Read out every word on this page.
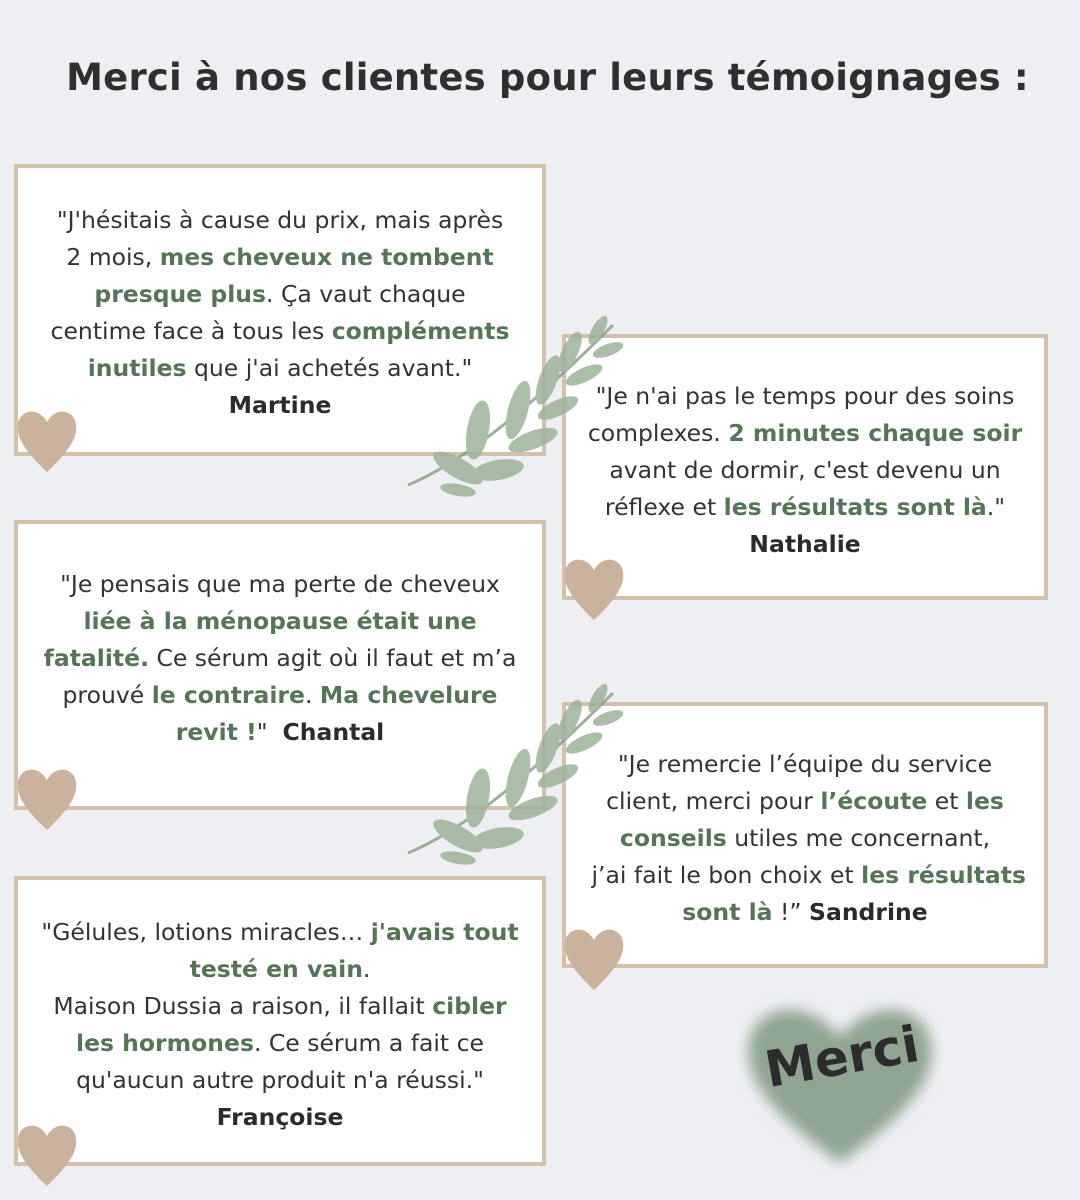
Merci à nos clientes pour leurs témoignages :
"J'hésitais à cause du prix, mais après
2 mois, mes cheveux ne tombent
presque plus. Ça vaut chaque
centime face à tous les compléments
inutiles que j'ai achetés avant."
Martine	"Je n'ai pas le temps pour des soins
complexes. 2 minutes chaque soir
avant de dormir, c'est devenu un
réflexe et les résultats sont là."
Nathalie
"Je pensais que ma perte de cheveux
liée à la ménopause était une
fatalité. Ce sérum agit où il faut et m’a
prouvé le contraire. Ma chevelure
revit !"  Chantal
"Je remercie l’équipe du service
client, merci pour l’écoute et les
conseils utiles me concernant,
j’ai fait le bon choix et les résultats
sont là !” Sandrine
"Gélules, lotions miracles… j'avais tout
testé en vain.
Maison Dussia a raison, il fallait cibler
les hormones. Ce sérum a fait ce
qu'aucun autre produit n'a réussi."
Françoise
Merci
